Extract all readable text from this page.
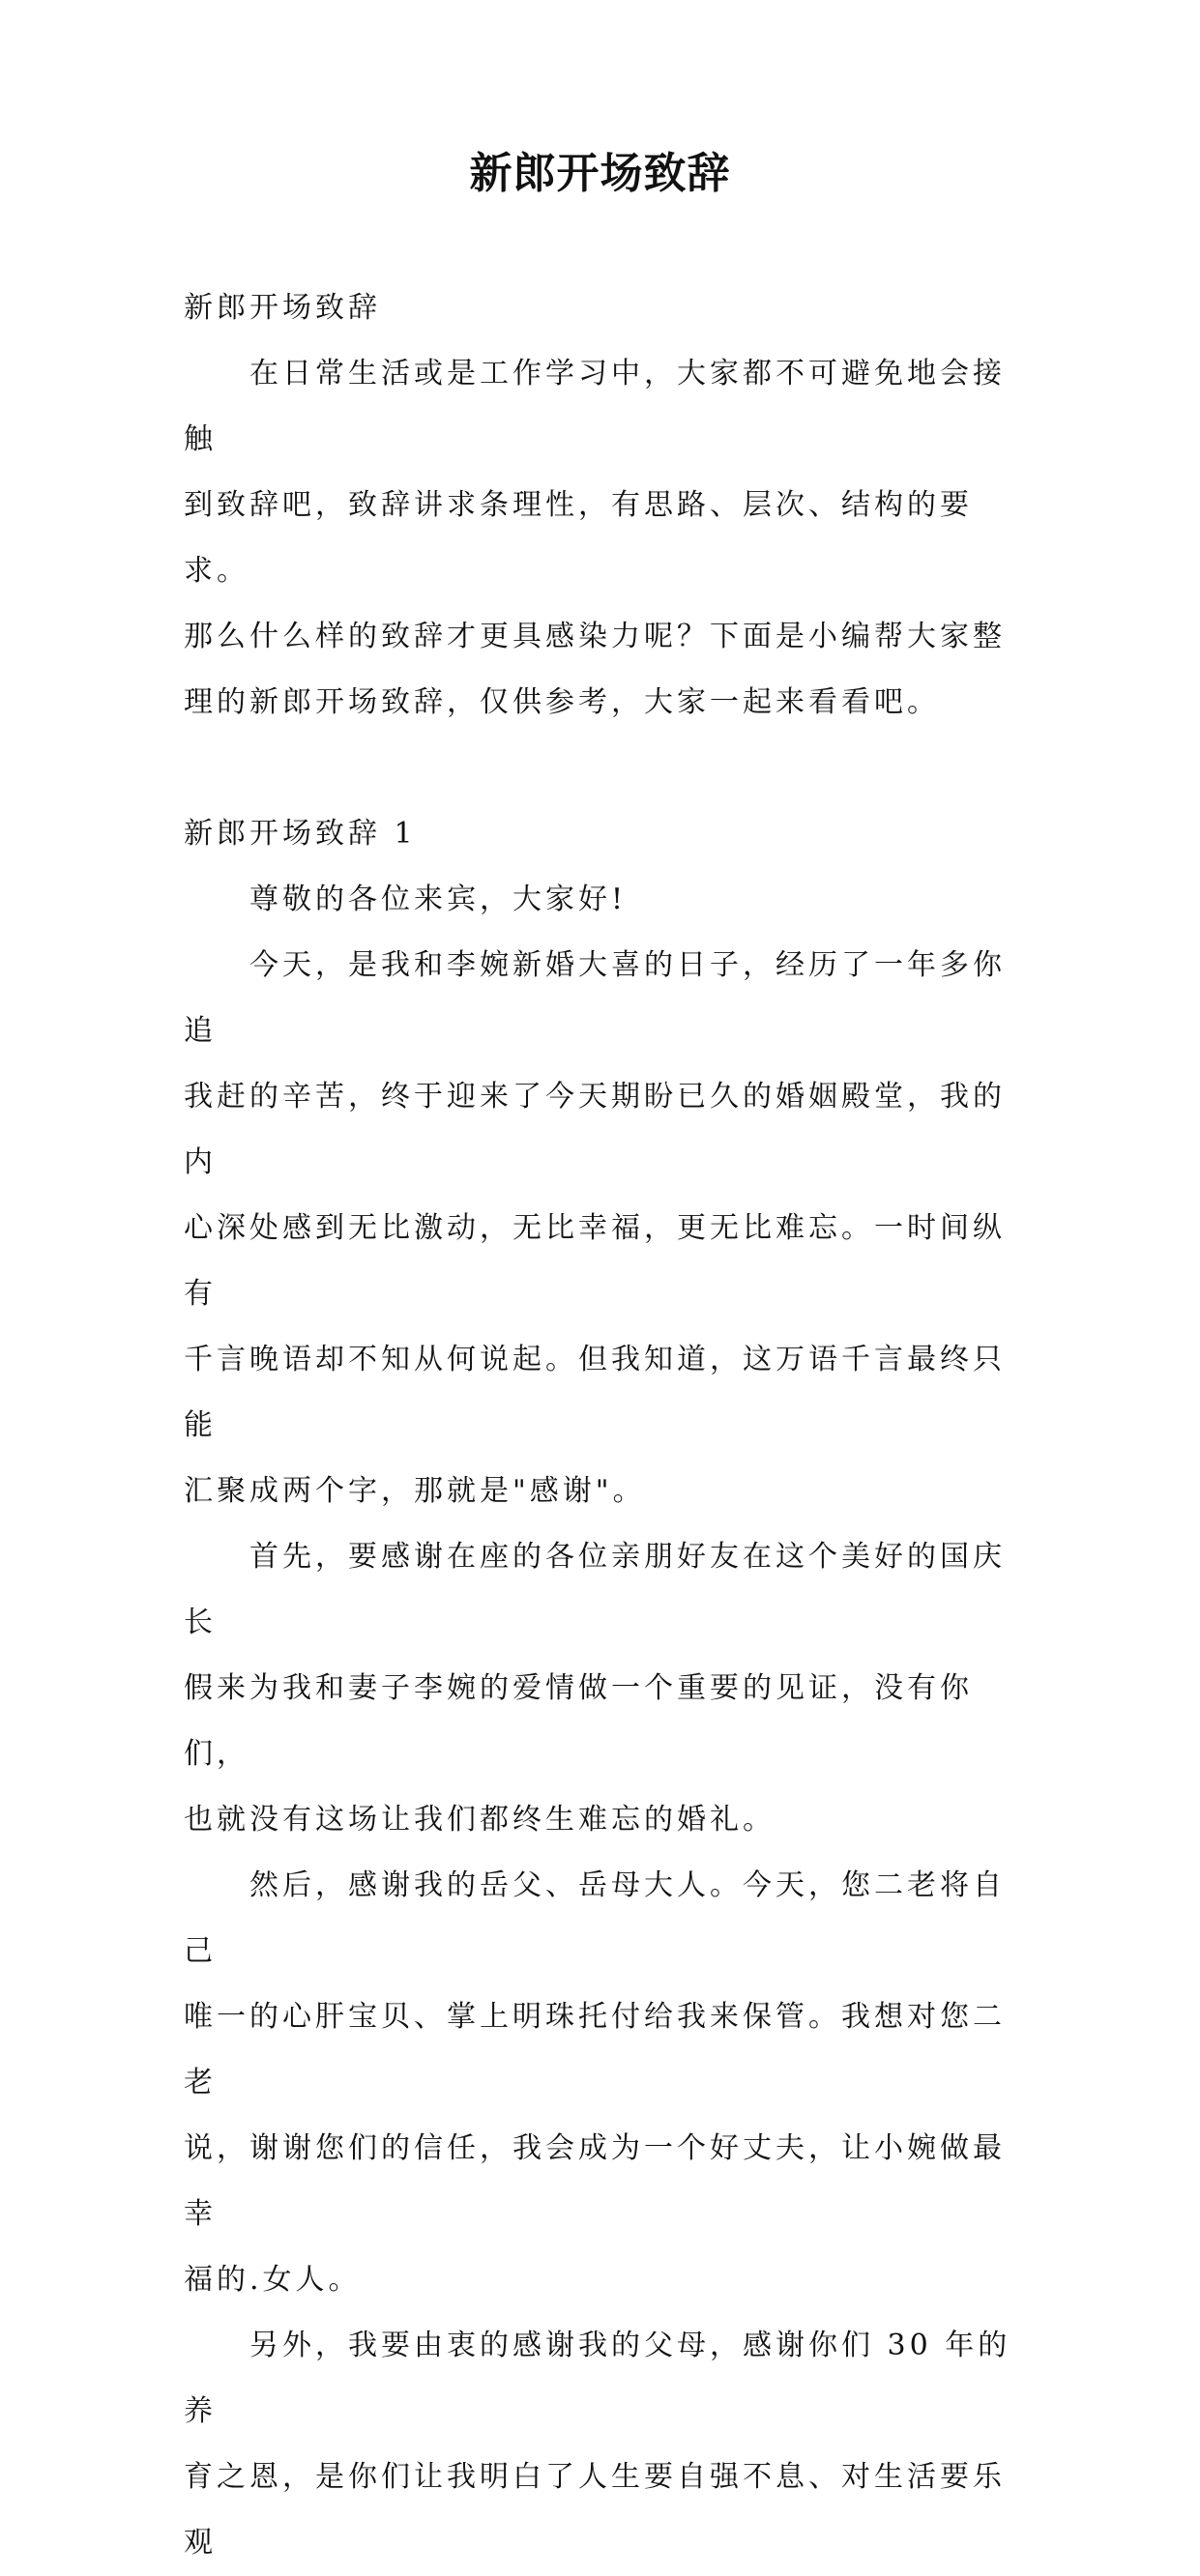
新郎开场致辞

新郎开场致辞

在日常生活或是工作学习中，大家都不可避免地会接触

到致辞吧，致辞讲求条理性，有思路、层次、结构的要求。

那么什么样的致辞才更具感染力呢？下面是小编帮大家整

理的新郎开场致辞，仅供参考，大家一起来看看吧。

新郎开场致辞 1

尊敬的各位来宾，大家好!

今天，是我和李婉新婚大喜的日子，经历了一年多你追

我赶的辛苦，终于迎来了今天期盼已久的婚姻殿堂，我的内

心深处感到无比激动，无比幸福，更无比难忘。一时间纵有

千言晚语却不知从何说起。但我知道，这万语千言最终只能

汇聚成两个字，那就是"感谢"。

首先，要感谢在座的各位亲朋好友在这个美好的国庆长

假来为我和妻子李婉的爱情做一个重要的见证，没有你们，

也就没有这场让我们都终生难忘的婚礼。

然后，感谢我的岳父、岳母大人。今天，您二老将自己

唯一的心肝宝贝、掌上明珠托付给我来保管。我想对您二老

说，谢谢您们的信任，我会成为一个好丈夫，让小婉做最幸

福的.女人。

另外，我要由衷的感谢我的父母，感谢你们 30 年的养

育之恩，是你们让我明白了人生要自强不息、对生活要乐观
